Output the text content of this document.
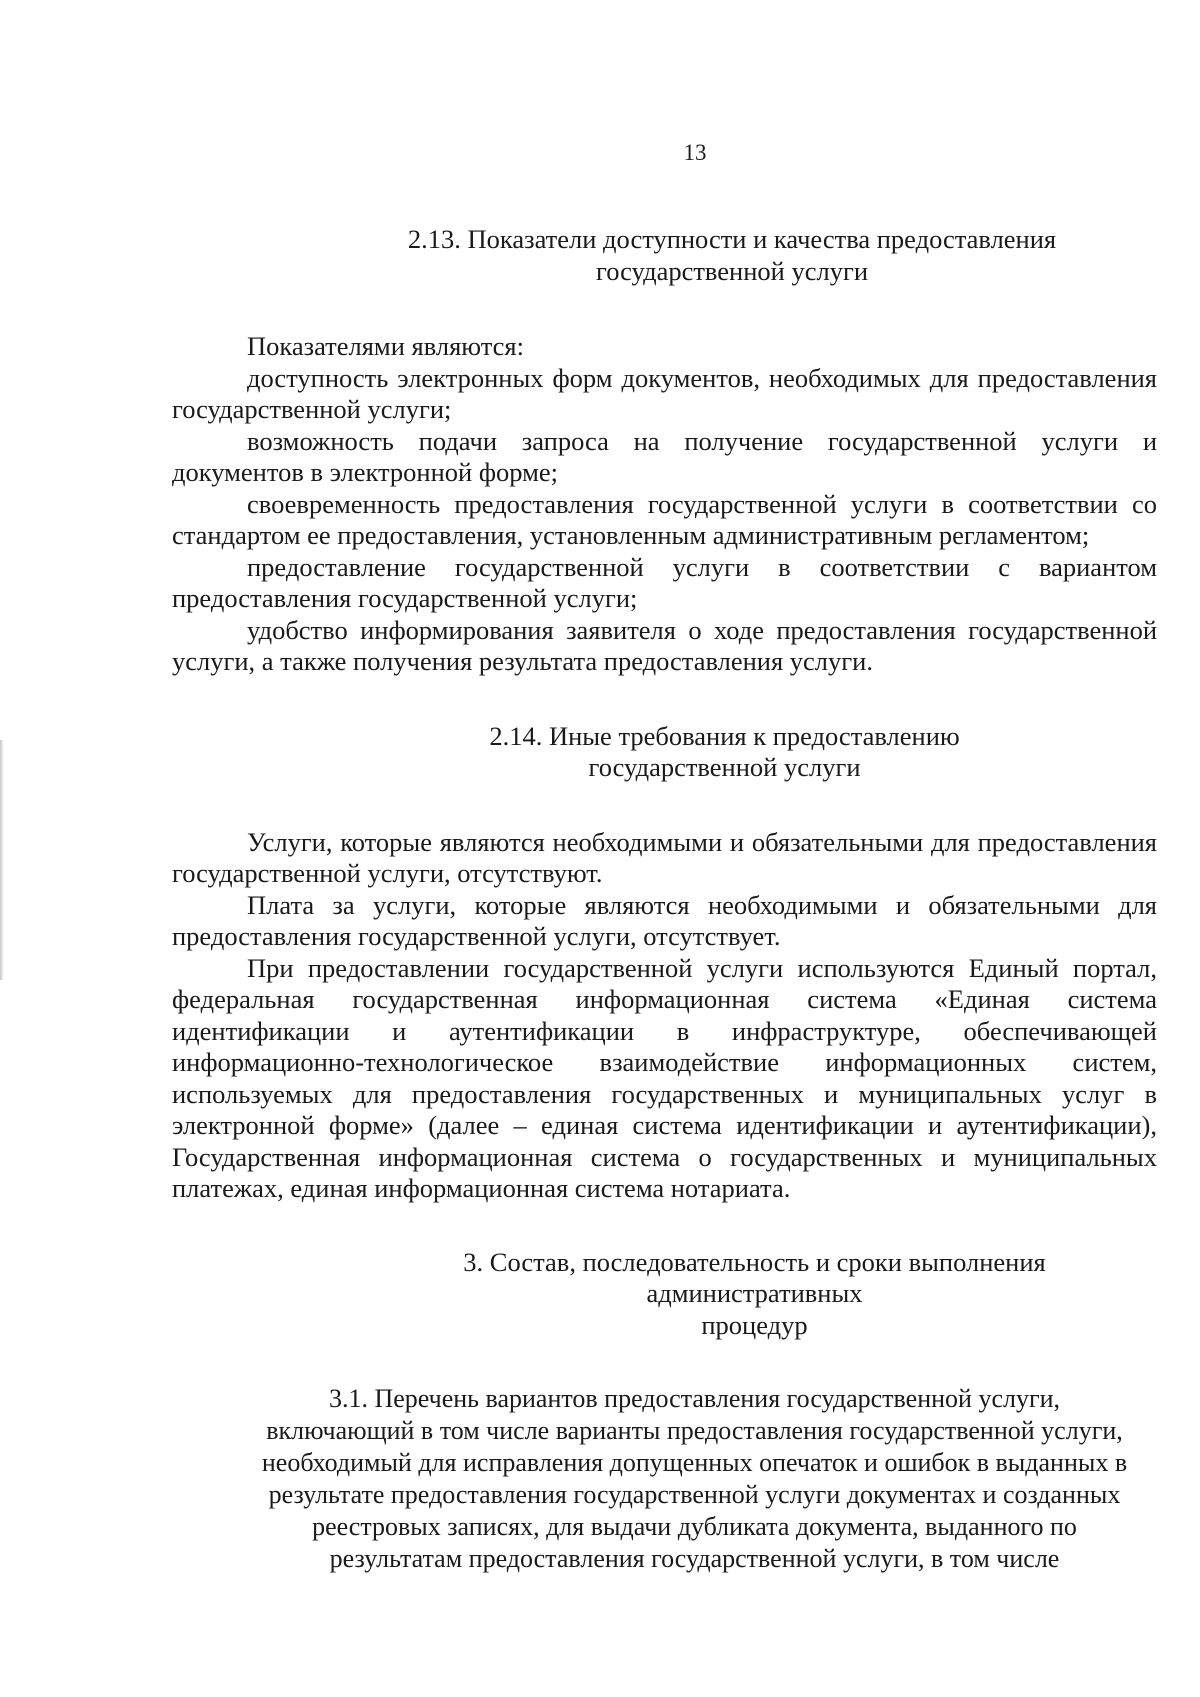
13
2.13. Показатели доступности и качества предоставления
государственной услуги

Показателями являются:

доступность электронных форм документов, необходимых для предоставления государственной услуги;

возможность подачи запроса на получение государственной услуги и документов в электронной форме;

своевременность предоставления государственной услуги в соответствии со стандартом ее предоставления, установленным административным регламентом;

предоставление государственной услуги в соответствии с вариантом предоставления государственной услуги;

удобство информирования заявителя о ходе предоставления государственной услуги, а также получения результата предоставления услуги.

2.14. Иные требования к предоставлению
государственной услуги

Услуги, которые являются необходимыми и обязательными для предоставления государственной услуги, отсутствуют.

Плата за услуги, которые являются необходимыми и обязательными для предоставления государственной услуги, отсутствует.

При предоставлении государственной услуги используются Единый портал, федеральная государственная информационная система «Единая система идентификации и аутентификации в инфраструктуре, обеспечивающей информационно-технологическое взаимодействие информационных систем, используемых для предоставления государственных и муниципальных услуг в электронной форме» (далее – единая система идентификации и аутентификации), Государственная информационная система о государственных и муниципальных платежах, единая информационная система нотариата.

3. Состав, последовательность и сроки выполнения административных
процедур
3.1. Перечень вариантов предоставления государственной услуги,
включающий в том числе варианты предоставления государственной услуги,
необходимый для исправления допущенных опечаток и ошибок в выданных в
результате предоставления государственной услуги документах и созданных
реестровых записях, для выдачи дубликата документа, выданного по
результатам предоставления государственной услуги, в том числе
